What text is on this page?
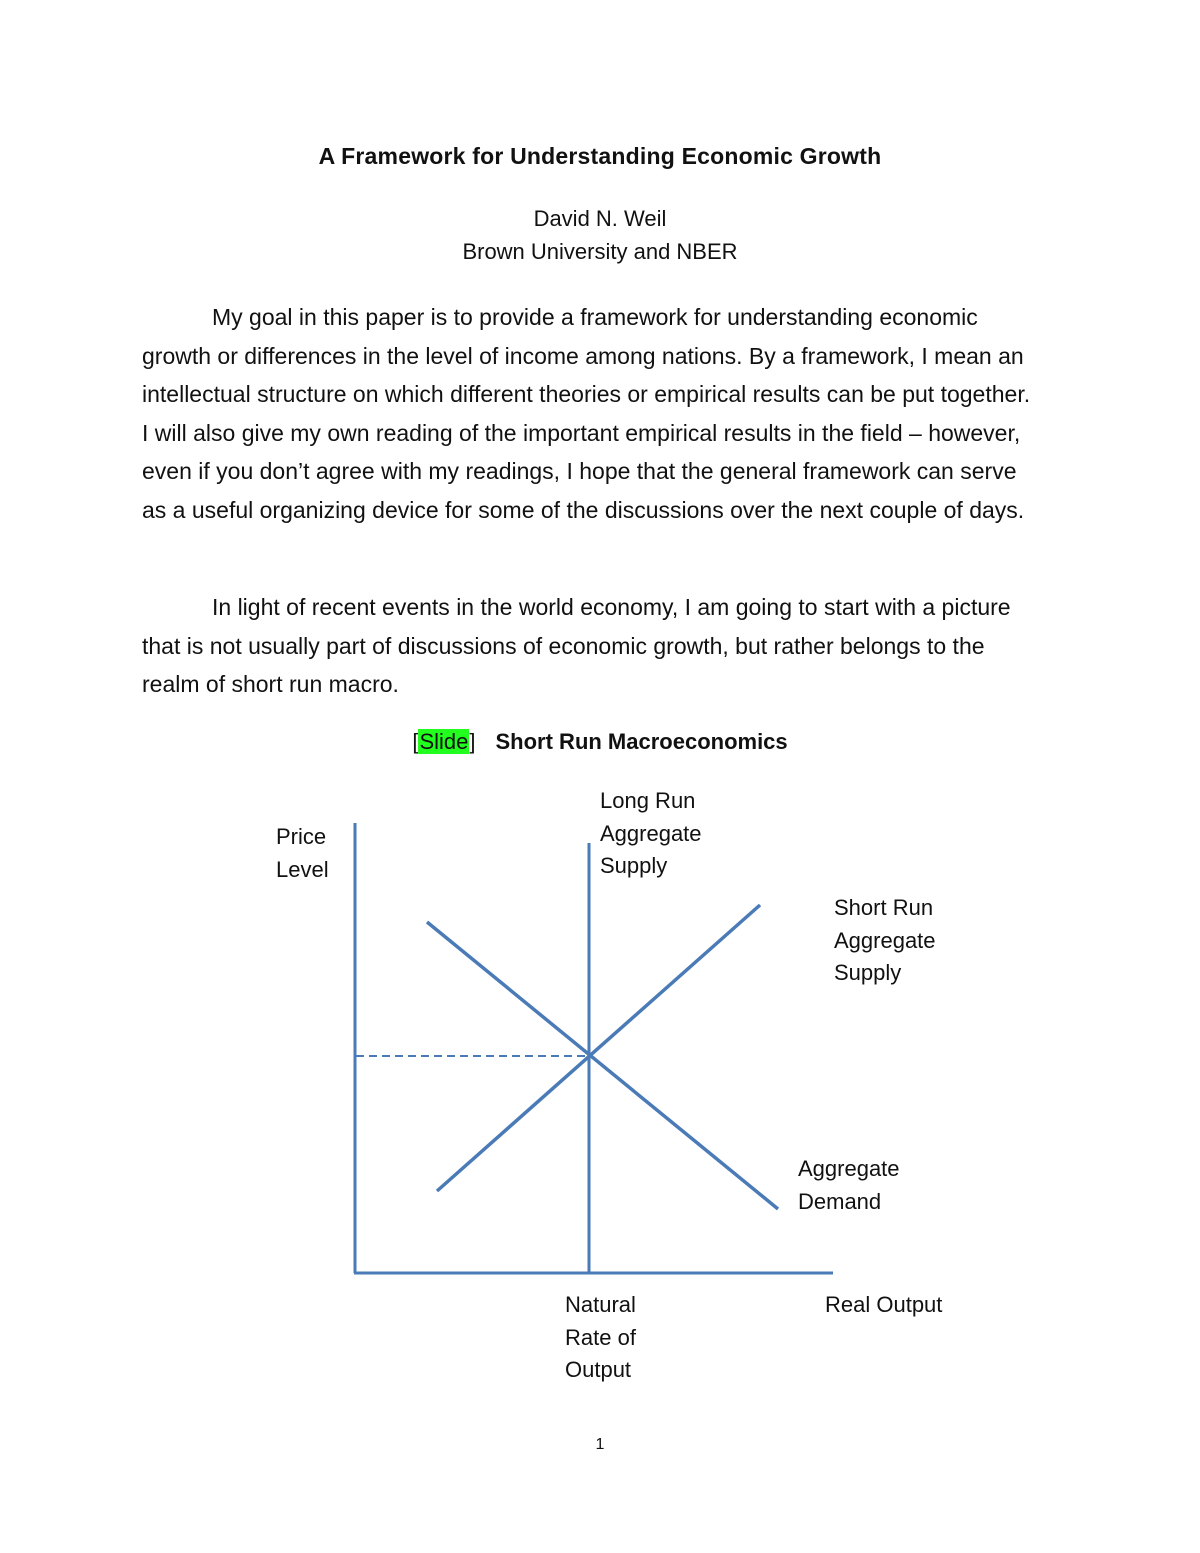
A Framework for Understanding Economic Growth
David N. Weil
Brown University and NBER

My goal in this paper is to provide a framework for understanding economic growth or differences in the level of income among nations. By a framework, I mean an intellectual structure on which different theories or empirical results can be put together. I will also give my own reading of the important empirical results in the field – however, even if you don’t agree with my readings, I hope that the general framework can serve as a useful organizing device for some of the discussions over the next couple of days.

In light of recent events in the world economy, I am going to start with a picture that is not usually part of discussions of economic growth, but rather belongs to the realm of short run macro.

[Slide] Short Run Macroeconomics
Price
Level
Long Run
Aggregate
Supply
Short Run
Aggregate
Supply
Aggregate
Demand
Natural
Rate of
Output
Real Output
1
